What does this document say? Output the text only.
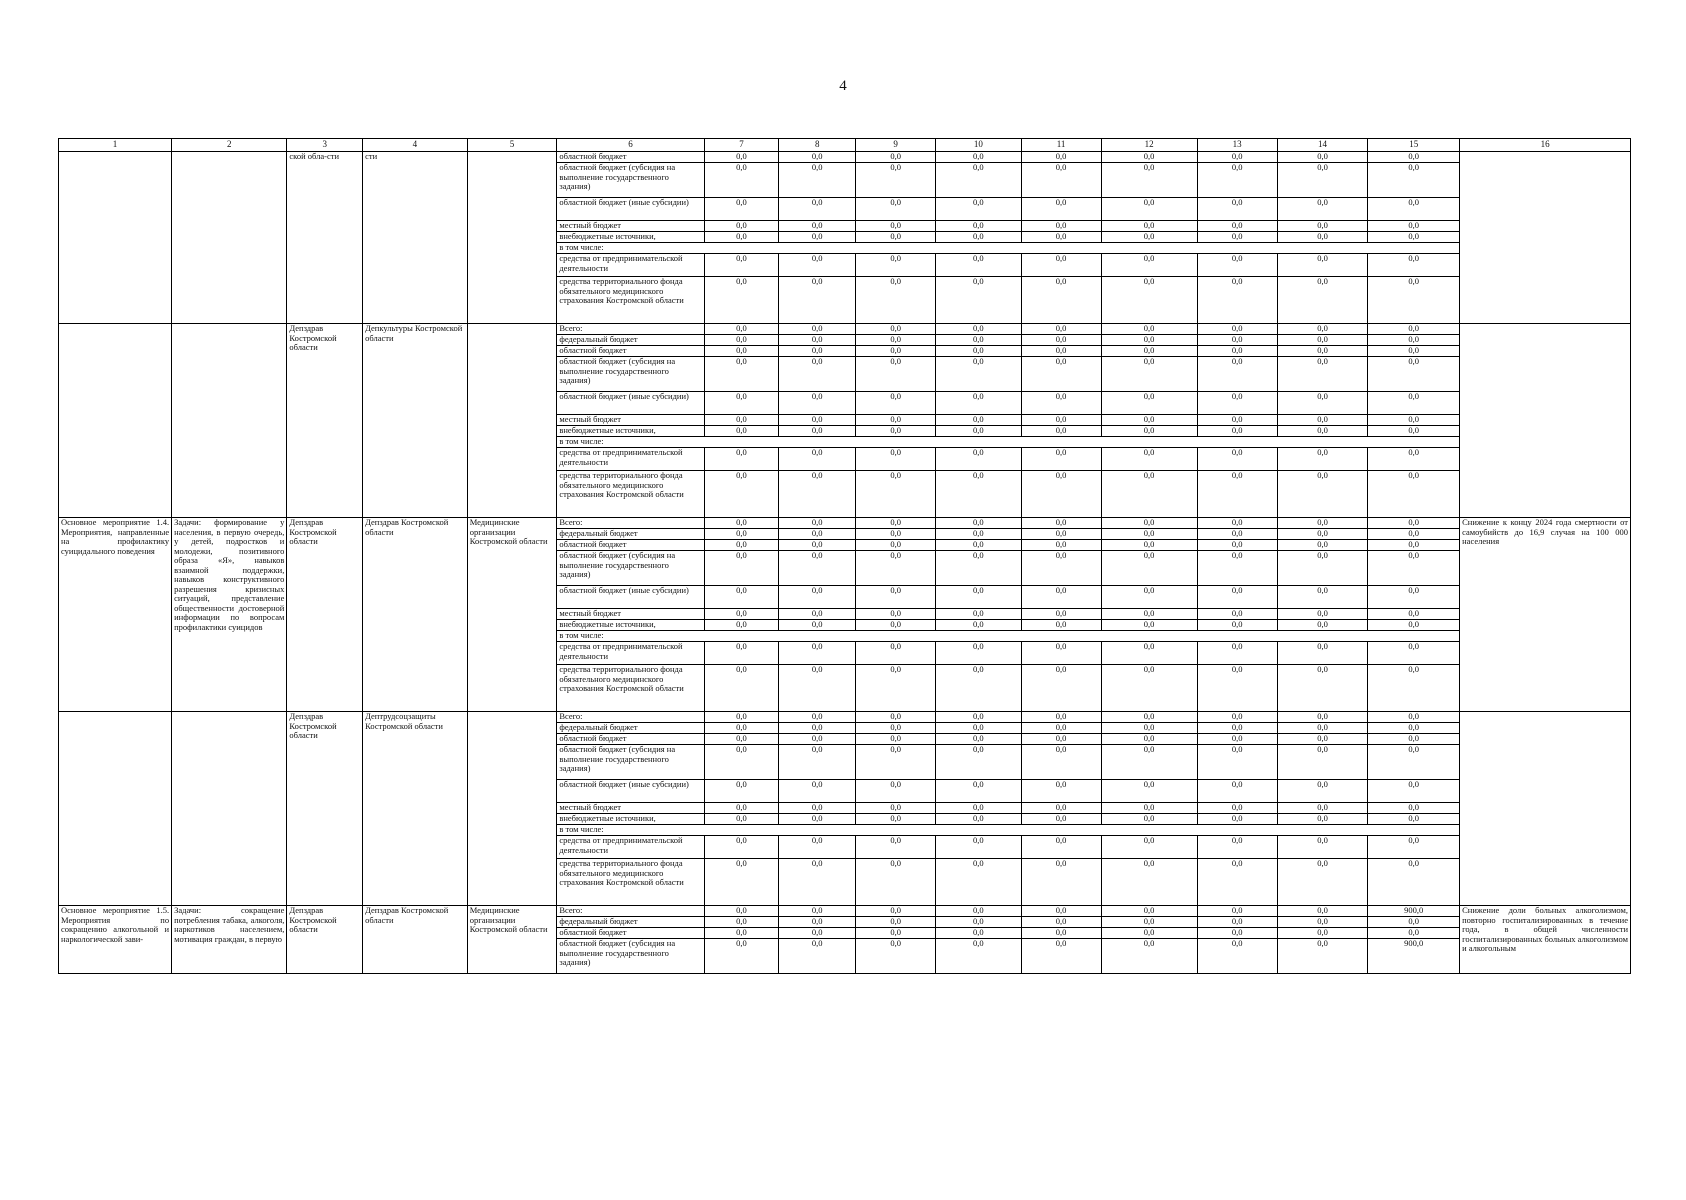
4
1	2	3	4	5	6	7	8	9	10	11	12	13	14	15	16
		ской обла-сти	сти		областной бюджет	0,0	0,0	0,0	0,0	0,0	0,0	0,0	0,0	0,0	
					областной бюджет (субсидия на выполнение государственного задания)	0,0	0,0	0,0	0,0	0,0	0,0	0,0	0,0	0,0	
					областной бюджет (иные субсидии)	0,0	0,0	0,0	0,0	0,0	0,0	0,0	0,0	0,0	
					местный бюджет	0,0	0,0	0,0	0,0	0,0	0,0	0,0	0,0	0,0	
					внебюджетные источники,	0,0	0,0	0,0	0,0	0,0	0,0	0,0	0,0	0,0	
					в том числе:										
					средства от предпринимательской деятельности	0,0	0,0	0,0	0,0	0,0	0,0	0,0	0,0	0,0	
					средства территориального фонда обязательного медицинского страхования Костромской области	0,0	0,0	0,0	0,0	0,0	0,0	0,0	0,0	0,0	
		Депздрав Костромской области	Депкультуры Костромской области		Всего:	0,0	0,0	0,0	0,0	0,0	0,0	0,0	0,0	0,0	
					федеральный бюджет	0,0	0,0	0,0	0,0	0,0	0,0	0,0	0,0	0,0	
					областной бюджет	0,0	0,0	0,0	0,0	0,0	0,0	0,0	0,0	0,0	
					областной бюджет (субсидия на выполнение государственного задания)	0,0	0,0	0,0	0,0	0,0	0,0	0,0	0,0	0,0	
					областной бюджет (иные субсидии)	0,0	0,0	0,0	0,0	0,0	0,0	0,0	0,0	0,0	
					местный бюджет	0,0	0,0	0,0	0,0	0,0	0,0	0,0	0,0	0,0	
					внебюджетные источники,	0,0	0,0	0,0	0,0	0,0	0,0	0,0	0,0	0,0	
					в том числе:										
					средства от предпринимательской деятельности	0,0	0,0	0,0	0,0	0,0	0,0	0,0	0,0	0,0	
					средства территориального фонда обязательного медицинского страхования Костромской области	0,0	0,0	0,0	0,0	0,0	0,0	0,0	0,0	0,0	
Основное мероприятие 1.4. Мероприятия, направленные на профилактику суицидального поведения	Задачи: формирование у населения, в первую очередь, у детей, подростков и молодежи, позитивного образа «Я», навыков взаимной поддержки, навыков конструктивного разрешения кризисных ситуаций, представление общественности достоверной информации по вопросам профилактики суицидов	Депздрав Костромской области	Депздрав Костромской области	Медицинские организации Костромской области	Всего:	0,0	0,0	0,0	0,0	0,0	0,0	0,0	0,0	0,0	Снижение к концу 2024 года смертности от самоубийств до 16,9 случая на 100 000 населения
					федеральный бюджет	0,0	0,0	0,0	0,0	0,0	0,0	0,0	0,0	0,0	
					областной бюджет	0,0	0,0	0,0	0,0	0,0	0,0	0,0	0,0	0,0	
					областной бюджет (субсидия на выполнение государственного задания)	0,0	0,0	0,0	0,0	0,0	0,0	0,0	0,0	0,0	
					областной бюджет (иные субсидии)	0,0	0,0	0,0	0,0	0,0	0,0	0,0	0,0	0,0	
					местный бюджет	0,0	0,0	0,0	0,0	0,0	0,0	0,0	0,0	0,0	
					внебюджетные источники,	0,0	0,0	0,0	0,0	0,0	0,0	0,0	0,0	0,0	
					в том числе:										
					средства от предпринимательской деятельности	0,0	0,0	0,0	0,0	0,0	0,0	0,0	0,0	0,0	
					средства территориального фонда обязательного медицинского страхования Костромской области	0,0	0,0	0,0	0,0	0,0	0,0	0,0	0,0	0,0	
		Депздрав Костромской области	Дептрудсоцзащиты Костромской области		Всего:	0,0	0,0	0,0	0,0	0,0	0,0	0,0	0,0	0,0	
					федеральный бюджет	0,0	0,0	0,0	0,0	0,0	0,0	0,0	0,0	0,0	
					областной бюджет	0,0	0,0	0,0	0,0	0,0	0,0	0,0	0,0	0,0	
					областной бюджет (субсидия на выполнение государственного задания)	0,0	0,0	0,0	0,0	0,0	0,0	0,0	0,0	0,0	
					областной бюджет (иные субсидии)	0,0	0,0	0,0	0,0	0,0	0,0	0,0	0,0	0,0	
					местный бюджет	0,0	0,0	0,0	0,0	0,0	0,0	0,0	0,0	0,0	
					внебюджетные источники,	0,0	0,0	0,0	0,0	0,0	0,0	0,0	0,0	0,0	
					в том числе:										
					средства от предпринимательской деятельности	0,0	0,0	0,0	0,0	0,0	0,0	0,0	0,0	0,0	
					средства территориального фонда обязательного медицинского страхования Костромской области	0,0	0,0	0,0	0,0	0,0	0,0	0,0	0,0	0,0	
Основное мероприятие 1.5. Мероприятия по сокращению алкогольной и наркологической зави-	Задачи: сокращение потребления табака, алкоголя, наркотиков населением, мотивация граждан, в первую	Депздрав Костромской области	Депздрав Костромской области	Медицинские организации Костромской области	Всего:	0,0	0,0	0,0	0,0	0,0	0,0	0,0	0,0	900,0	Снижение доли больных алкоголизмом, повторно госпитализированных в течение года, в общей численности госпитализированных больных алкоголизмом и алкогольным
					федеральный бюджет	0,0	0,0	0,0	0,0	0,0	0,0	0,0	0,0	0,0	
					областной бюджет	0,0	0,0	0,0	0,0	0,0	0,0	0,0	0,0	0,0	
					областной бюджет (субсидия на выполнение государственного задания)	0,0	0,0	0,0	0,0	0,0	0,0	0,0	0,0	900,0	
